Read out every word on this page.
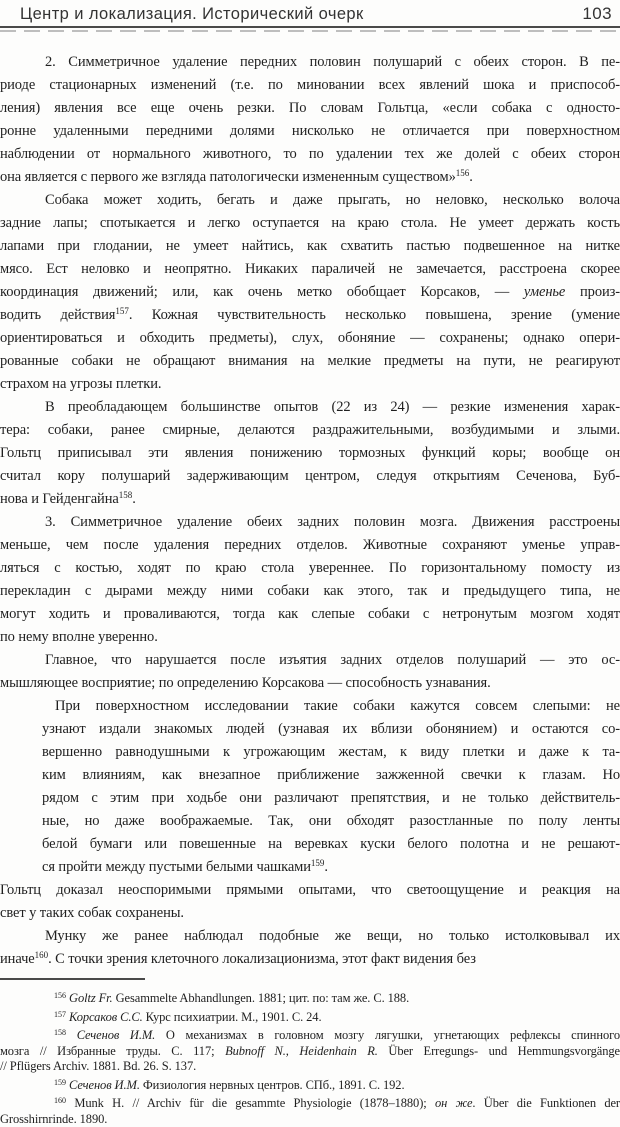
Центр и локализация. Исторический очерк	103
2. Симметричное удаление передних половин полушарий с обеих сторон. В пе-
риоде стационарных изменений (т.е. по миновании всех явлений шока и приспособ-
ления) явления все еще очень резки. По словам Гольтца, «если собака с односто-
ронне удаленными передними долями нисколько не отличается при поверхностном
наблюдении от нормального животного, то по удалении тех же долей с обеих сторон
она является с первого же взгляда патологически измененным существом»$^{156}$.
Собака может ходить, бегать и даже прыгать, но неловко, несколько волоча
задние лапы; спотыкается и легко оступается на краю стола. Не умеет держать кость
лапами при глодании, не умеет найтись, как схватить пастью подвешенное на нитке
мясо. Ест неловко и неопрятно. Никаких параличей не замечается, расстроена скорее
координация движений; или, как очень метко обобщает Корсаков, — уменье произ-
водить действия$^{157}$. Кожная чувствительность несколько повышена, зрение (умение
ориентироваться и обходить предметы), слух, обоняние — сохранены; однако опери-
рованные собаки не обращают внимания на мелкие предметы на пути, не реагируют
страхом на угрозы плетки.
В преобладающем большинстве опытов (22 из 24) — резкие изменения харак-
тера: собаки, ранее смирные, делаются раздражительными, возбудимыми и злыми.
Гольтц приписывал эти явления понижению тормозных функций коры; вообще он
считал кору полушарий задерживающим центром, следуя открытиям Сеченова, Буб-
нова и Гейденгайна$^{158}$.
3. Симметричное удаление обеих задних половин мозга. Движения расстроены
меньше, чем после удаления передних отделов. Животные сохраняют уменье управ-
ляться с костью, ходят по краю стола увереннее. По горизонтальному помосту из
перекладин с дырами между ними собаки как этого, так и предыдущего типа, не
могут ходить и проваливаются, тогда как слепые собаки с нетронутым мозгом ходят
по нему вполне уверенно.
Главное, что нарушается после изъятия задних отделов полушарий — это ос-
мышляющее восприятие; по определению Корсакова — способность узнавания.
При поверхностном исследовании такие собаки кажутся совсем слепыми: не
узнают издали знакомых людей (узнавая их вблизи обонянием) и остаются со-
вершенно равнодушными к угрожающим жестам, к виду плетки и даже к та-
ким влияниям, как внезапное приближение зажженной свечки к глазам. Но
рядом с этим при ходьбе они различают препятствия, и не только действитель-
ные, но даже воображаемые. Так, они обходят разостланные по полу ленты
белой бумаги или повешенные на веревках куски белого полотна и не решают-
ся пройти между пустыми белыми чашками$^{159}$.
Гольтц доказал неоспоримыми прямыми опытами, что светоощущение и реакция на
свет у таких собак сохранены.
Мунку же ранее наблюдал подобные же вещи, но только истолковывал их
иначе$^{160}$. С точки зрения клеточного локализационизма, этот факт видения без
$^{156}$ Goltz Fr. Gesammelte Abhandlungen. 1881; цит. по: там же. С. 188.
$^{157}$ Корсаков С.С. Курс психиатрии. М., 1901. С. 24.
$^{158}$ Сеченов И.М. О механизмах в головном мозгу лягушки, угнетающих рефлексы спинного
мозга // Избранные труды. С. 117; Bubnoff N., Heidenhain R. Über Erregungs- und Hemmungsvorgänge
// Pflügers Archiv. 1881. Bd. 26. S. 137.
$^{159}$ Сеченов И.М. Физиология нервных центров. СПб., 1891. С. 192.
$^{160}$ Munk H. // Archiv für die gesammte Physiologie (1878–1880); он же. Über die Funktionen der
Grosshirnrinde. 1890.
